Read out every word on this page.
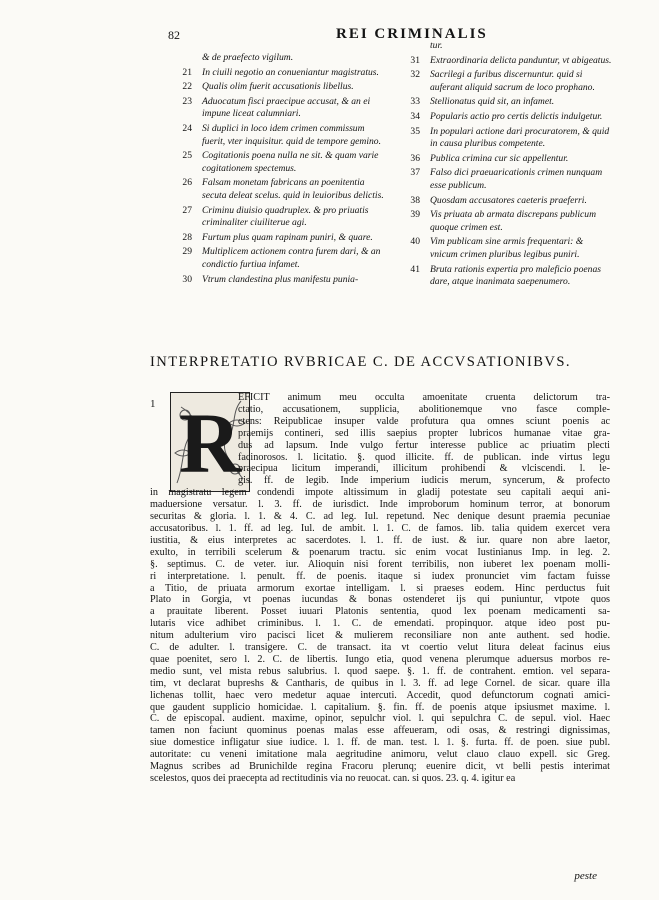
82	REI CRIMINALIS
& de praefecto vigilum.
21 In ciuili negotio an conueniantur magistratus.
22 Qualis olim fuerit accusationis libellus.
23 Aduocatum fisci praecipue accusat, & an ei impune liceat calumniari.
24 Si duplici in loco idem crimen commissum fuerit, vter inquisitur. quid de tempore gemino.
25 Cogitationis poena nulla ne sit. & quam varie cogitationem spectemus.
26 Falsam monetam fabricans an poenitentia secuta deleat scelus. quid in leuioribus delictis.
27 Criminu diuisio quadruplex. & pro priuatis criminaliter ciuiliterue agi.
28 Furtum plus quam rapinam puniri, & quare.
29 Multiplicem actionem contra furem dari, & an condictio furtiua infamet.
30 Vtrum clandestina plus manifestu punia-
tur.
31 Extraordinaria delicta panduntur, vt abigeatus.
32 Sacrilegi a furibus discernuntur. quid si auferant aliquid sacrum de loco prophano.
33 Stellionatus quid sit, an infamet.
34 Popularis actio pro certis delictis indulgetur.
35 In populari actione dari procuratorem, & quid in causa pluribus competente.
36 Publica crimina cur sic appellentur.
37 Falso dici praeuaricationis crimen nunquam esse publicum.
38 Quosdam accusatores caeteris praeferri.
39 Vis priuata ab armata discrepans publicum quoque crimen est.
40 Vim publicam sine armis frequentari: & vnicum crimen pluribus legibus puniri.
41 Bruta rationis expertia pro maleficio poenas dare, atque inanimata saepenumero.
INTERPRETATIO RVBRICAE C. DE ACCVSATIONIBVS.
1 R
EFICIT animum meu occulta amoenitate cruenta delictorum tra-
ctatio, accusationem, supplicia, abolitionemque vno fasce comple-
ctens: Reipublicae insuper valde profutura qua omnes sciunt poenis ac
praemijs contineri, sed illis saepius propter lubricos humanae vitae gra-
dus ad lapsum. Inde vulgo fertur interesse publice ac priuatim plecti
facinorosos. l. licitatio. §. quod illicite. ff. de publican. inde virtus legu
praecipua licitum imperandi, illicitum prohibendi & vlciscendi. l. le-
gis. ff. de legib. Inde imperium iudicis merum, syncerum, & profecto
in magistratu legem condendi impote altissimum in gladij potestate seu capitali aequi ani-
maduersione versatur. l. 3. ff. de iurisdict. Inde improborum hominum terror, at bonorum
securitas & gloria. l. 1. & 4. C. ad leg. Iul. repetund. Nec denique desunt praemia pecuniae
accusatoribus. l. 1. ff. ad leg. Iul. de ambit. l. 1. C. de famos. lib. talia quidem exercet vera
iustitia, & eius interpretes ac sacerdotes. l. 1. ff. de iust. & iur. quare non abre laetor,
exulto, in terribili scelerum & poenarum tractu. sic enim vocat Iustinianus Imp. in leg. 2.
§. septimus. C. de veter. iur. Alioquin nisi forent terribilis, non iuberet lex poenam molli-
ri interpretatione. l. penult. ff. de poenis. itaque si iudex pronunciet vim factam fuisse
a Titio, de priuata armorum exortae intelligam. l. si praeses eodem. Hinc perductus fuit
Plato in Gorgia, vt poenas iucundas & bonas ostenderet ijs qui puniuntur, vtpote quos
a prauitate liberent. Posset iuuari Platonis sententia, quod lex poenam medicamenti sa-
lutaris vice adhibet criminibus. l. 1. C. de emendati. propinquor. atque ideo post pu-
nitum adulterium viro pacisci licet & mulierem reconsiliare non ante authent. sed hodie.
C. de adulter. l. transigere. C. de transact. ita vt coertio velut litura deleat facinus eius
quae poenitet, sero l. 2. C. de libertis. Iungo etia, quod venena plerumque aduersus morbos re-
medio sunt, vel mista rebus salubrius. l. quod saepe. §. 1. ff. de contrahent. emtion. vel separa-
tim, vt declarat bupreshs & Cantharis, de quibus in l. 3. ff. ad lege Cornel. de sicar. quare illa
lichenas tollit, haec vero medetur aquae intercuti. Accedit, quod defunctorum cognati amici-
que gaudent supplicio homicidae. l. capitalium. §. fin. ff. de poenis atque ipsiusmet maxime. l.
C. de episcopal. audient. maxime, opinor, sepulchr viol. l. qui sepulchra C. de sepul. viol. Haec
tamen non faciunt quominus poenas malas esse affeueram, odi osas, & restringi dignissimas,
siue domestice infligatur siue iudice. l. 1. ff. de man. test. l. 1. §. furta. ff. de poen. siue publ.
autoritate: cu veneni imitatione mala aegritudine animoru, velut clauo clauo expell. sic Greg.
Magnus scribes ad Brunichilde regina Fracoru plerunq; euenire dicit, vt belli pestis interimat
scelestos, quos dei praecepta ad rectitudinis via no reuocat. can. si quos. 23. q. 4. igitur ea
peste
